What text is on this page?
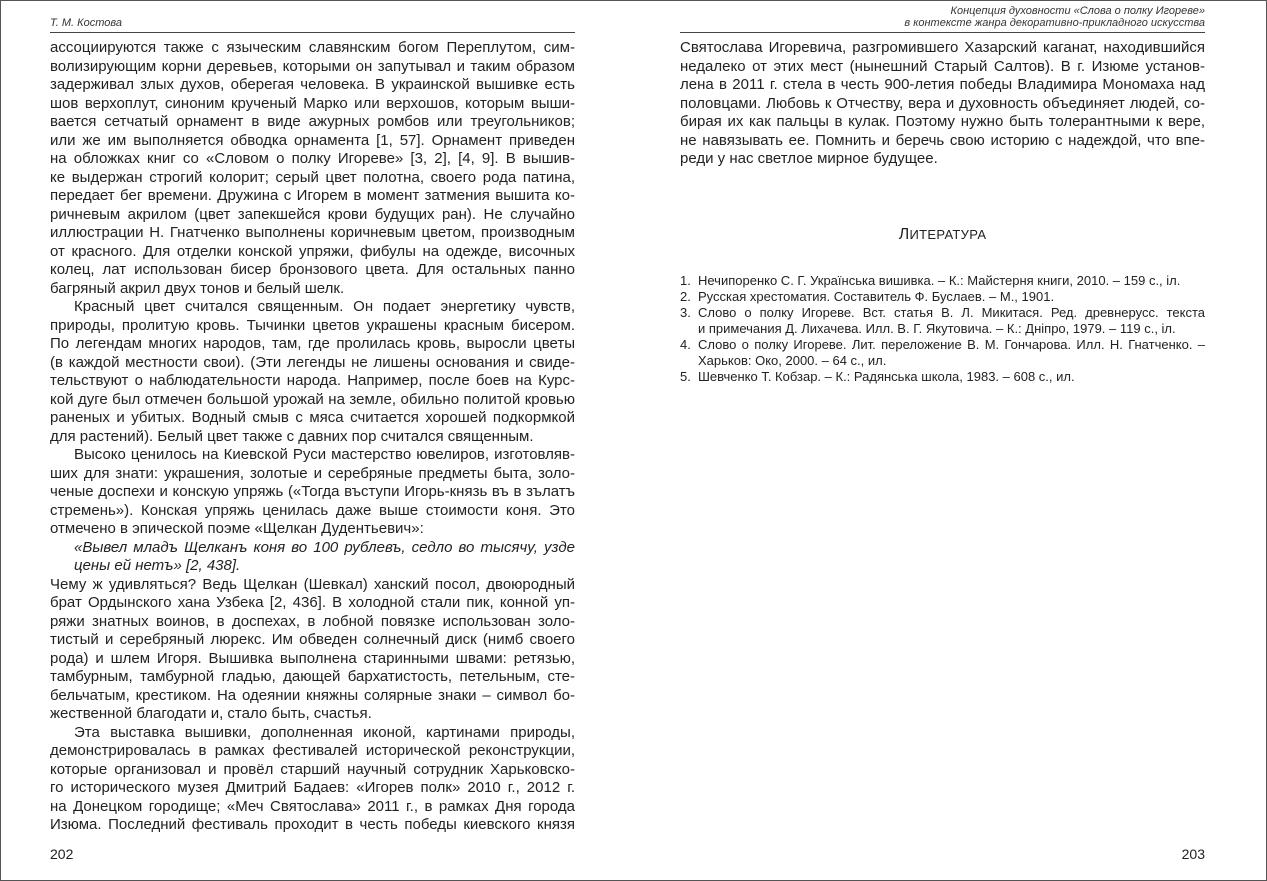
Т. М. Костова
ассоциируются также с языческим славянским богом Переплутом, сим-
волизирующим корни деревьев, которыми он запутывал и таким образом
задерживал злых духов, оберегая человека. В украинской вышивке есть
шов верхоплут, синоним крученый Марко или верхошов, которым выши-
вается сетчатый орнамент в виде ажурных ромбов или треугольников;
или же им выполняется обводка орнамента [1, 57]. Орнамент приведен
на обложках книг со «Словом о полку Игореве» [3, 2], [4, 9]. В вышив-
ке выдержан строгий колорит; серый цвет полотна, своего рода патина,
передает бег времени. Дружина с Игорем в момент затмения вышита ко-
ричневым акрилом (цвет запекшейся крови будущих ран). Не случайно
иллюстрации Н. Гнатченко выполнены коричневым цветом, производным
от красного. Для отделки конской упряжи, фибулы на одежде, височных
колец, лат использован бисер бронзового цвета. Для остальных панно
багряный акрил двух тонов и белый шелк.
Красный цвет считался священным. Он подает энергетику чувств,
природы, пролитую кровь. Тычинки цветов украшены красным бисером.
По легендам многих народов, там, где пролилась кровь, выросли цветы
(в каждой местности свои). (Эти легенды не лишены основания и свиде-
тельствуют о наблюдательности народа. Например, после боев на Курс-
кой дуге был отмечен большой урожай на земле, обильно политой кровью
раненых и убитых. Водный смыв с мяса считается хорошей подкормкой
для растений). Белый цвет также с давних пор считался священным.
Высоко ценилось на Киевской Руси мастерство ювелиров, изготовляв-
ших для знати: украшения, золотые и серебряные предметы быта, золо-
ченые доспехи и конскую упряжь («Тогда въступи Игорь-князь въ в зълатъ
стремень»). Конская упряжь ценилась даже выше стоимости коня. Это
отмечено в эпической поэме «Щелкан Дудентьевич»:
«Вывел младъ Щелканъ коня во 100 рублевъ, седло во тысячу, узде
цены ей нетъ» [2, 438].
Чему ж удивляться? Ведь Щелкан (Шевкал) ханский посол, двоюродный
брат Ордынского хана Узбека [2, 436]. В холодной стали пик, конной уп-
ряжи знатных воинов, в доспехах, в лобной повязке использован золо-
тистый и серебряный люрекс. Им обведен солнечный диск (нимб своего
рода) и шлем Игоря. Вышивка выполнена старинными швами: ретязью,
тамбурным, тамбурной гладью, дающей бархатистость, петельным, сте-
бельчатым, крестиком. На одеянии княжны солярные знаки – символ бо-
жественной благодати и, стало быть, счастья.
Эта выставка вышивки, дополненная иконой, картинами природы,
демонстрировалась в рамках фестивалей исторической реконструкции,
которые организовал и провёл старший научный сотрудник Харьковско-
го исторического музея Дмитрий Бадаев: «Игорев полк» 2010 г., 2012 г.
на Донецком городище; «Меч Святослава» 2011 г., в рамках Дня города
Изюма. Последний фестиваль проходит в честь победы киевского князя
202
Концепция духовности «Слова о полку Игореве»
в контексте жанра декоративно-прикладного искусства
Святослава Игоревича, разгромившего Хазарский каганат, находившийся
недалеко от этих мест (нынешний Старый Салтов). В г. Изюме установ-
лена в 2011 г. стела в честь 900-летия победы Владимира Мономаха над
половцами. Любовь к Отчеству, вера и духовность объединяет людей, со-
бирая их как пальцы в кулак. Поэтому нужно быть толерантными к вере,
не навязывать ее. Помнить и беречь свою историю с надеждой, что впе-
реди у нас светлое мирное будущее.
ЛИТЕРАТУРА
1. Нечипоренко С. Г. Українська вишивка. – К.: Майстерня книги, 2010. – 159 с., іл.
2. Русская хрестоматия. Составитель Ф. Буслаев. – М., 1901.
3. Слово о полку Игореве. Вст. статья В. Л. Микитася. Ред. древнерусс. текста
и примечания Д. Лихачева. Илл. В. Г. Якутовича. – К.: Дніпро, 1979. – 119 с., іл.
4. Слово о полку Игореве. Лит. переложение В. М. Гончарова. Илл. Н. Гнатченко. –
Харьков: Око, 2000. – 64 с., ил.
5. Шевченко Т. Кобзар. – К.: Радянська школа, 1983. – 608 с., ил.
203
